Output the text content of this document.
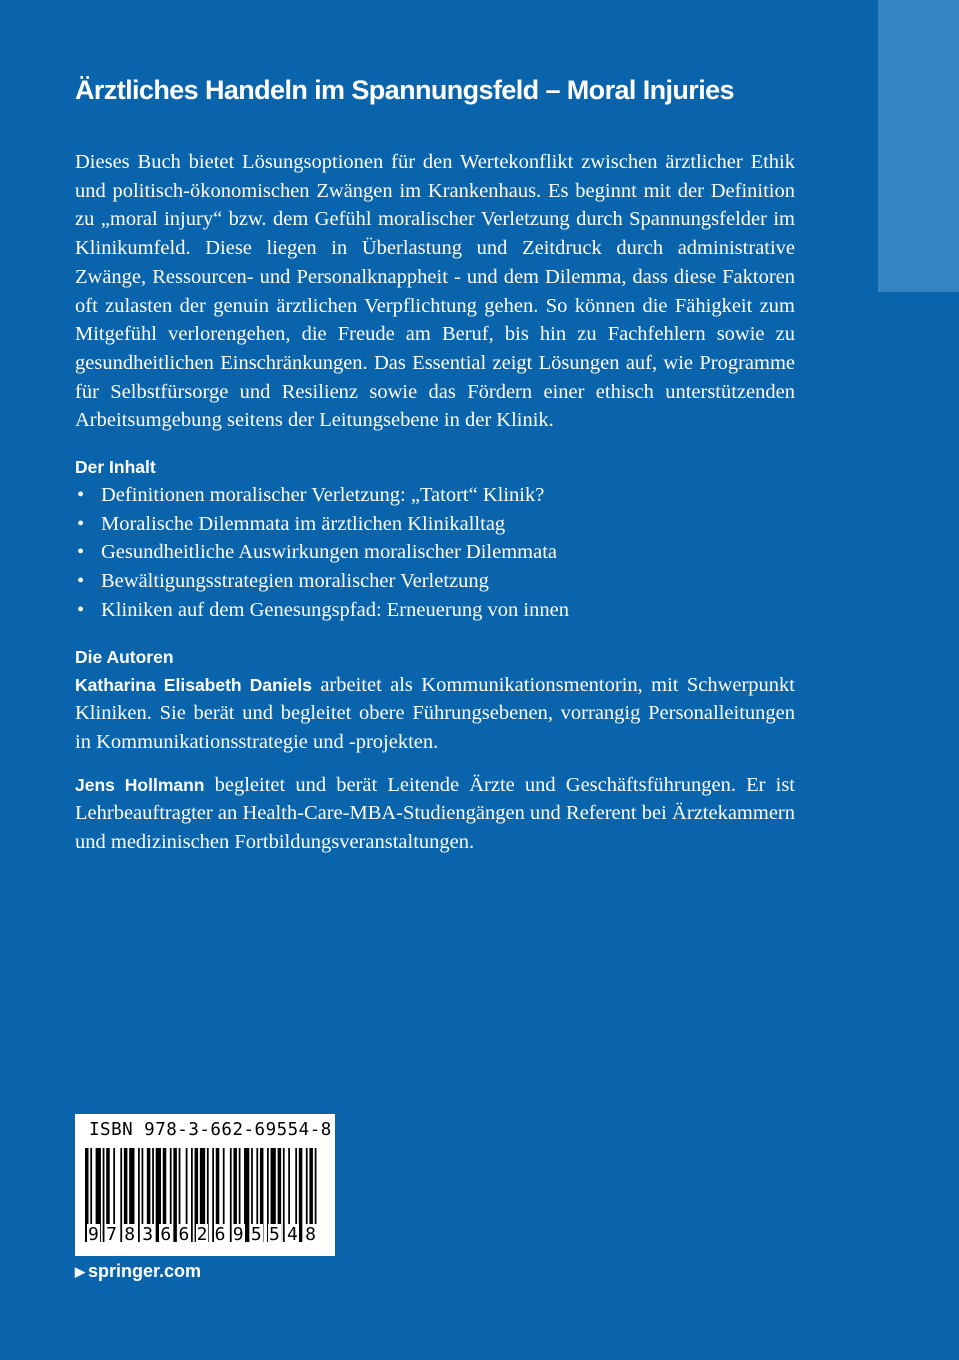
Ärztliches Handeln im Spannungsfeld – Moral Injuries

Dieses Buch bietet Lösungsoptionen für den Wertekonflikt zwischen ärztlicher Ethik und politisch-ökonomischen Zwängen im Krankenhaus. Es beginnt mit der Definition zu „moral injury“ bzw. dem Gefühl moralischer Verletzung durch Spannungsfelder im Klinikumfeld. Diese liegen in Überlastung und Zeitdruck durch administrative Zwänge, Ressourcen- und Personalknappheit - und dem Dilemma, dass diese Faktoren oft zulasten der genuin ärztlichen Verpflichtung gehen. So können die Fähigkeit zum Mitgefühl verlorengehen, die Freude am Beruf, bis hin zu Fachfehlern sowie zu gesundheitlichen Einschränkungen. Das Essential zeigt Lösungen auf, wie Programme für Selbstfürsorge und Resilienz sowie das Fördern einer ethisch unterstützenden Arbeitsumgebung seitens der Leitungsebene in der Klinik.

Der Inhalt
• Definitionen moralischer Verletzung: „Tatort“ Klinik?
• Moralische Dilemmata im ärztlichen Klinikalltag
• Gesundheitliche Auswirkungen moralischer Dilemmata
• Bewältigungsstrategien moralischer Verletzung
• Kliniken auf dem Genesungspfad: Erneuerung von innen
Die Autoren

Katharina Elisabeth Daniels arbeitet als Kommunikationsmentorin, mit Schwerpunkt Kliniken. Sie berät und begleitet obere Führungsebenen, vorrangig Personalleitungen in Kommunikationsstrategie und -projekten.

Jens Hollmann begleitet und berät Leitende Ärzte und Geschäftsführungen. Er ist Lehrbeauftragter an Health-Care-MBA-Studiengängen und Referent bei Ärztekammern und medizinischen Fortbildungsveranstaltungen.

ISBN 978-3-662-69554-8
9 7 8 3 6 6 2 6 9 5 5 4 8
▶ springer.com
